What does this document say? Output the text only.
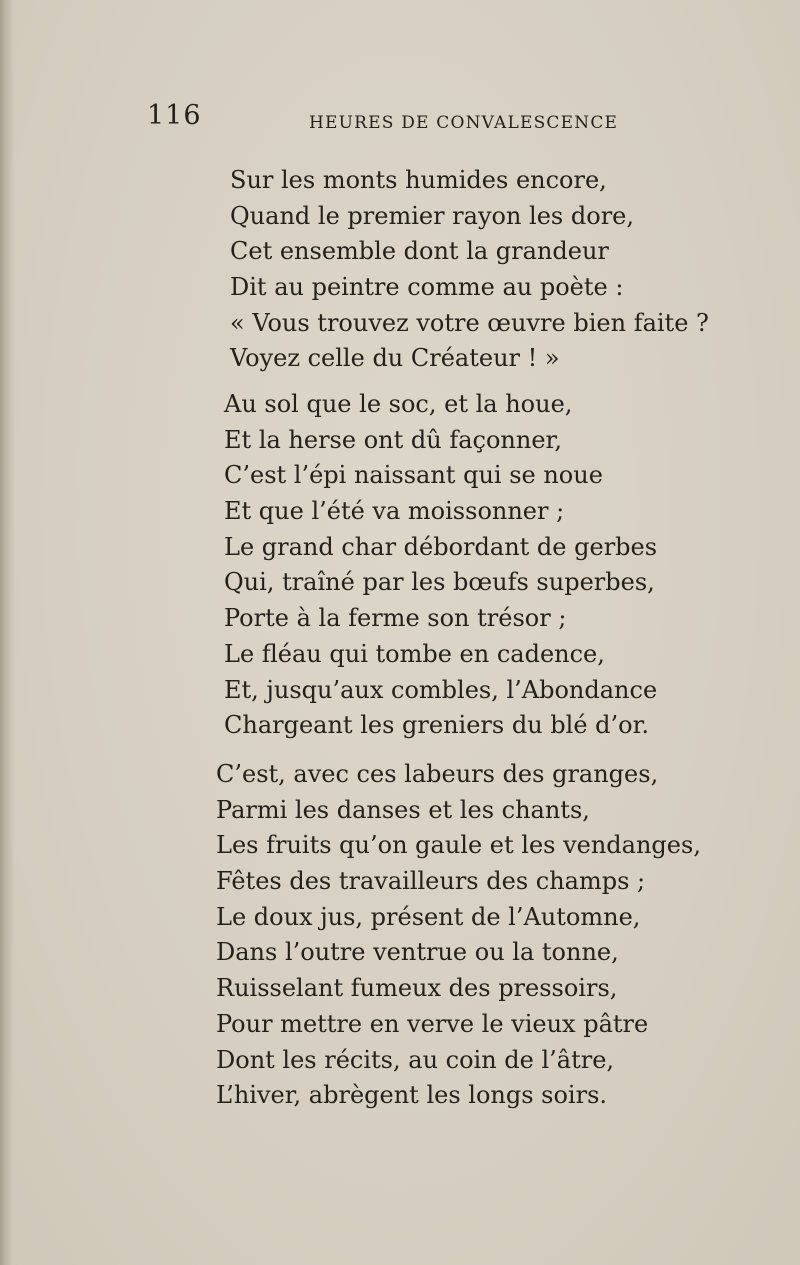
116	HEURES DE CONVALESCENCE
Sur les monts humides encore,
Quand le premier rayon les dore,
Cet ensemble dont la grandeur
Dit au peintre comme au poète :
« Vous trouvez votre œuvre bien faite ?
Voyez celle du Créateur ! »
Au sol que le soc, et la houe,
Et la herse ont dû façonner,
C’est l’épi naissant qui se noue
Et que l’été va moissonner ;
Le grand char débordant de gerbes
Qui, traîné par les bœufs superbes,
Porte à la ferme son trésor ;
Le fléau qui tombe en cadence,
Et, jusqu’aux combles, l’Abondance
Chargeant les greniers du blé d’or.
C’est, avec ces labeurs des granges,
Parmi les danses et les chants,
Les fruits qu’on gaule et les vendanges,
Fêtes des travailleurs des champs ;
Le doux jus, présent de l’Automne,
Dans l’outre ventrue ou la tonne,
Ruisselant fumeux des pressoirs,
Pour mettre en verve le vieux pâtre
Dont les récits, au coin de l’âtre,
L’hiver, abrègent les longs soirs.
